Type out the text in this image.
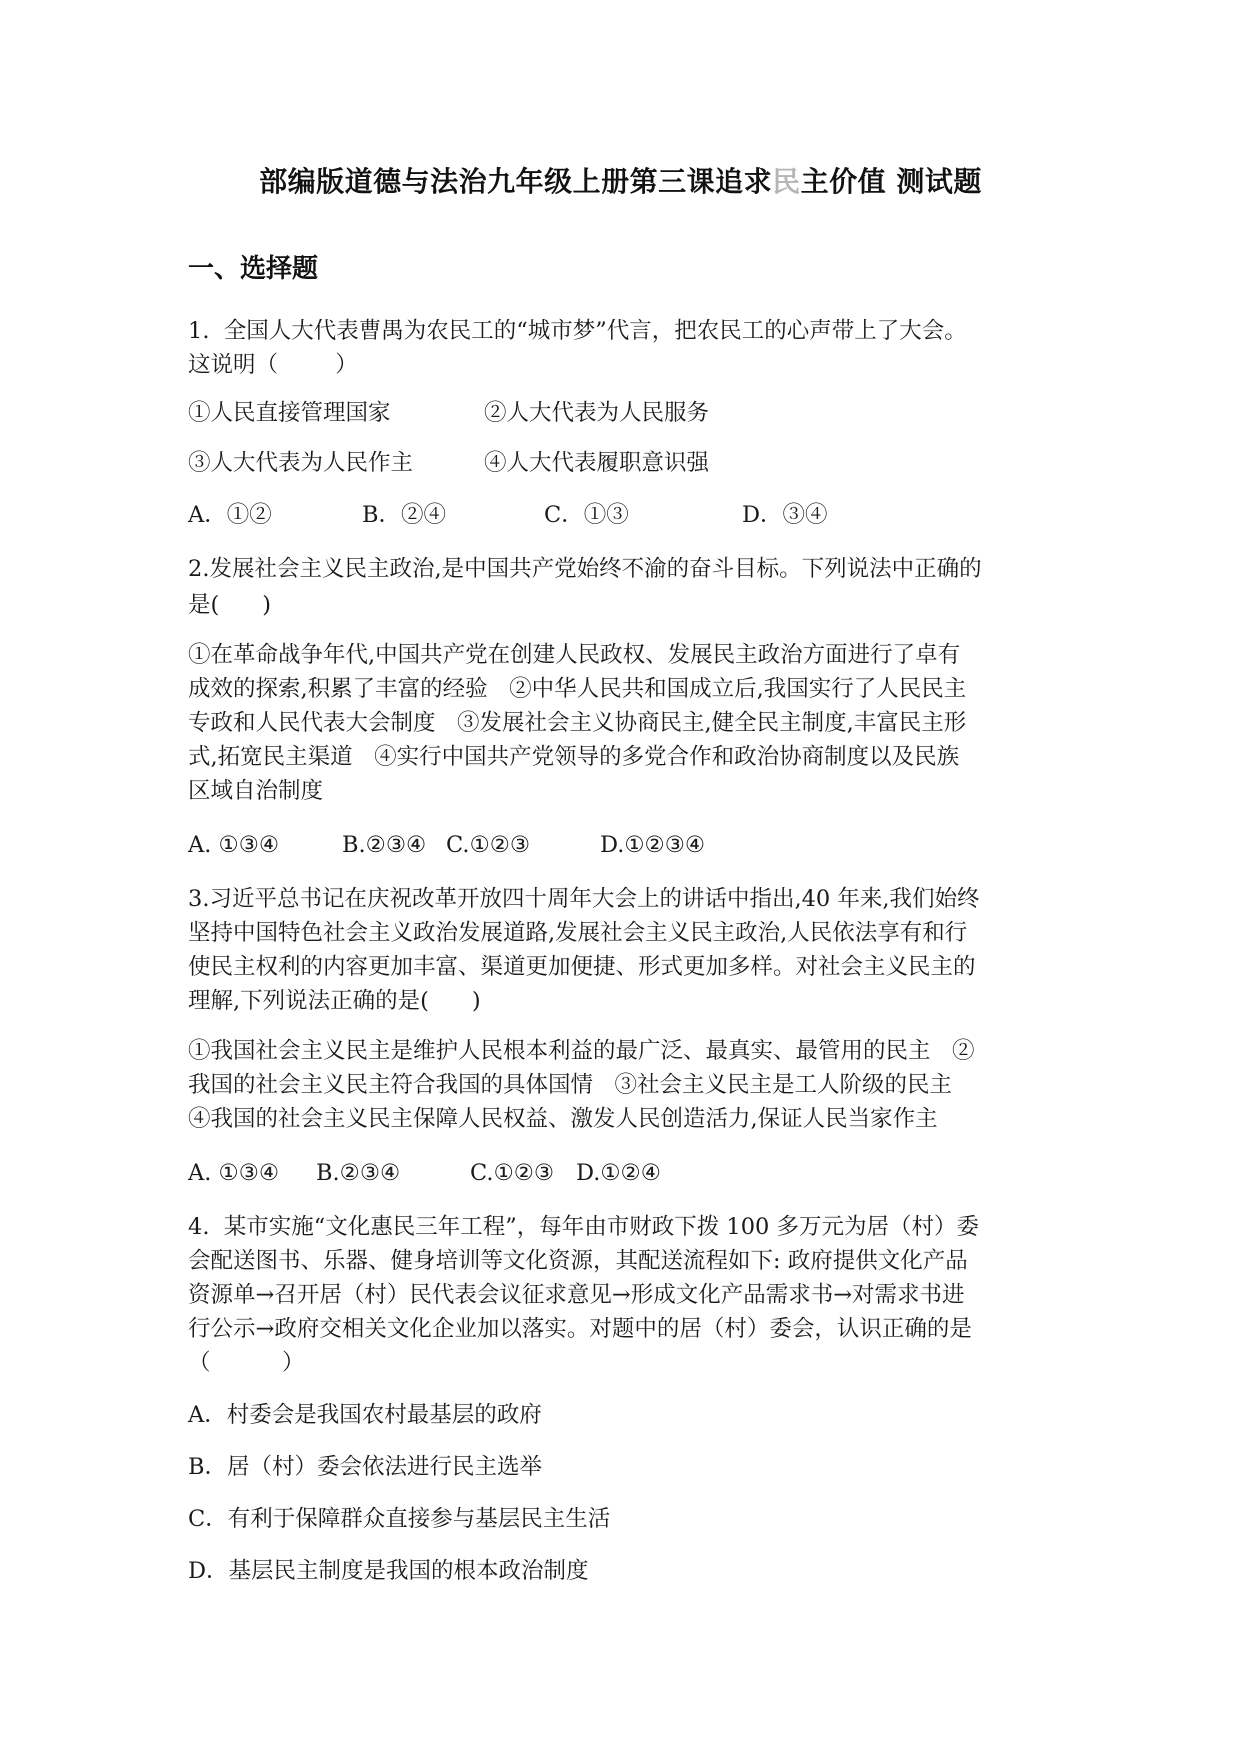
部编版道德与法治九年级上册第三课追求民主价值 测试题
一、选择题
1.  全国人大代表曹禺为农民工的“城市梦”代言，把农民工的心声带上了大会。
这说明（        ）
①人民直接管理国家	②人大代表为人民服务
③人大代表为人民作主	④人大代表履职意识强
A．①②	B．②④	C．①③	D．③④
2.发展社会主义民主政治,是中国共产党始终不渝的奋斗目标。下列说法中正确的
是(      )
①在革命战争年代,中国共产党在创建人民政权、发展民主政治方面进行了卓有
成效的探索,积累了丰富的经验   ②中华人民共和国成立后,我国实行了人民民主
专政和人民代表大会制度   ③发展社会主义协商民主,健全民主制度,丰富民主形
式,拓宽民主渠道   ④实行中国共产党领导的多党合作和政治协商制度以及民族
区域自治制度
A. ①③④	B.②③④ C.①②③	D.①②③④
3.习近平总书记在庆祝改革开放四十周年大会上的讲话中指出,40 年来,我们始终
坚持中国特色社会主义政治发展道路,发展社会主义民主政治,人民依法享有和行
使民主权利的内容更加丰富、渠道更加便捷、形式更加多样。对社会主义民主的
理解,下列说法正确的是(      )
①我国社会主义民主是维护人民根本利益的最广泛、最真实、最管用的民主   ②
我国的社会主义民主符合我国的具体国情   ③社会主义民主是工人阶级的民主
④我国的社会主义民主保障人民权益、激发人民创造活力,保证人民当家作主
A. ①③④ B.②③④	C.①②③ D.①②④
4.  某市实施“文化惠民三年工程”，每年由市财政下拨 100 多万元为居（村）委
会配送图书、乐器、健身培训等文化资源，其配送流程如下: 政府提供文化产品
资源单→召开居（村）民代表会议征求意见→形成文化产品需求书→对需求书进
行公示→政府交相关文化企业加以落实。对题中的居（村）委会，认识正确的是
（          ）
A．村委会是我国农村最基层的政府
B．居（村）委会依法进行民主选举
C．有利于保障群众直接参与基层民主生活
D．基层民主制度是我国的根本政治制度
